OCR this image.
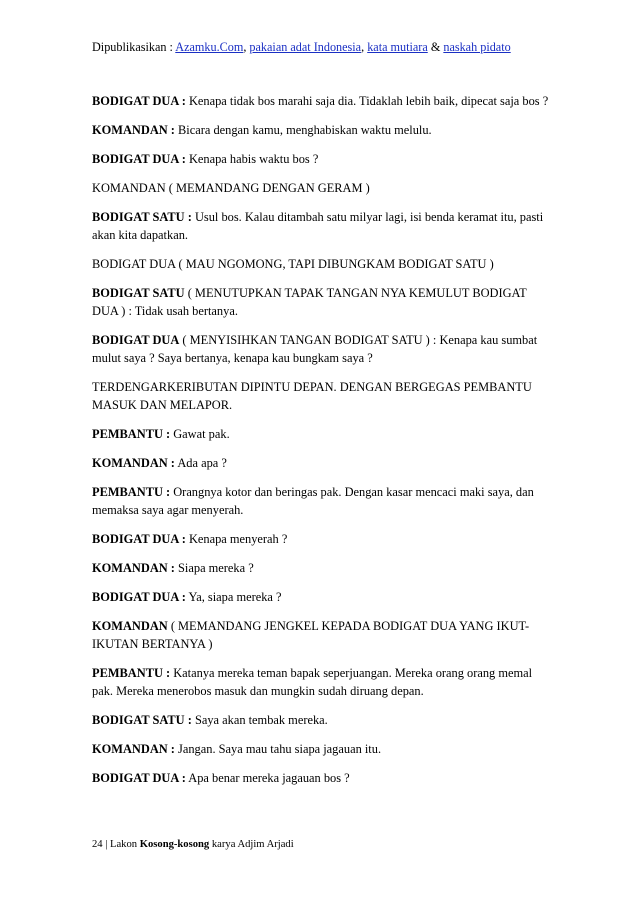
Dipublikasikan : Azamku.Com, pakaian adat Indonesia, kata mutiara & naskah pidato

BODIGAT DUA : Kenapa tidak bos marahi saja dia. Tidaklah lebih baik, dipecat saja bos ?

KOMANDAN : Bicara dengan kamu, menghabiskan waktu melulu.

BODIGAT DUA : Kenapa habis waktu bos ?

KOMANDAN ( MEMANDANG DENGAN GERAM )

BODIGAT SATU : Usul bos. Kalau ditambah satu milyar lagi, isi benda keramat itu, pasti akan kita dapatkan.

BODIGAT DUA ( MAU NGOMONG, TAPI DIBUNGKAM BODIGAT SATU )

BODIGAT SATU ( MENUTUPKAN TAPAK TANGAN NYA KEMULUT BODIGAT DUA ) : Tidak usah bertanya.

BODIGAT DUA ( MENYISIHKAN TANGAN BODIGAT SATU ) : Kenapa kau sumbat mulut saya ? Saya bertanya, kenapa kau bungkam saya ?

TERDENGARKERIBUTAN DIPINTU DEPAN. DENGAN BERGEGAS PEMBANTU MASUK DAN MELAPOR.

PEMBANTU : Gawat pak.

KOMANDAN : Ada apa ?

PEMBANTU : Orangnya kotor dan beringas pak. Dengan kasar mencaci maki saya, dan memaksa saya agar menyerah.

BODIGAT DUA : Kenapa menyerah ?

KOMANDAN : Siapa mereka ?

BODIGAT DUA : Ya, siapa mereka ?

KOMANDAN ( MEMANDANG JENGKEL KEPADA BODIGAT DUA YANG IKUT-IKUTAN BERTANYA )

PEMBANTU : Katanya mereka teman bapak seperjuangan. Mereka orang orang memal pak. Mereka menerobos masuk dan mungkin sudah diruang depan.

BODIGAT SATU : Saya akan tembak mereka.

KOMANDAN : Jangan. Saya mau tahu siapa jagauan itu.

BODIGAT DUA : Apa benar mereka jagauan bos ?

24 | Lakon Kosong-kosong karya Adjim Arjadi
